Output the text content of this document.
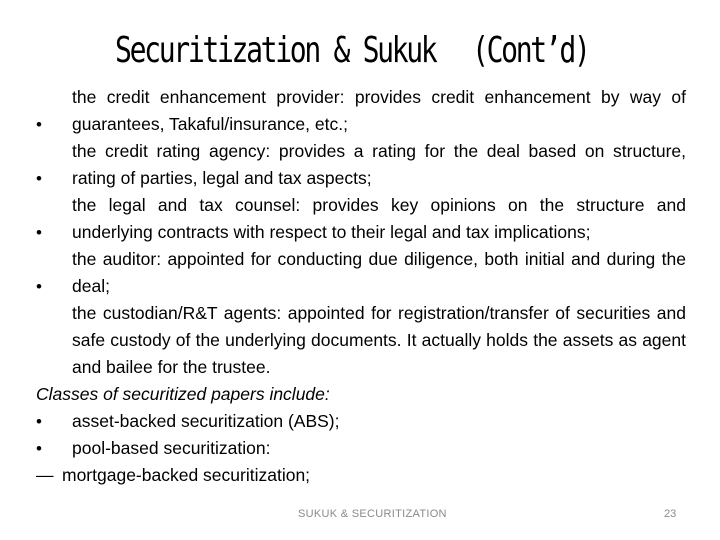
Securitization & Sukuk (Cont’d)
•
the credit enhancement provider: provides credit enhancement by way of guarantees, Takaful/insurance, etc.;
•
the credit rating agency: provides a rating for the deal based on structure, rating of parties, legal and tax aspects;
•
the legal and tax counsel: provides key opinions on the structure and underlying contracts with respect to their legal and tax implications;
•
the auditor: appointed for conducting due diligence, both initial and during the deal;
the custodian/R&T agents: appointed for registration/transfer of securities and safe custody of the underlying documents. It actually holds the assets as agent and bailee for the trustee.
Classes of securitized papers include:
•	asset-backed securitization (ABS);
•	pool-based securitization:
— mortgage-backed securitization;
SUKUK & SECURITIZATION	23
